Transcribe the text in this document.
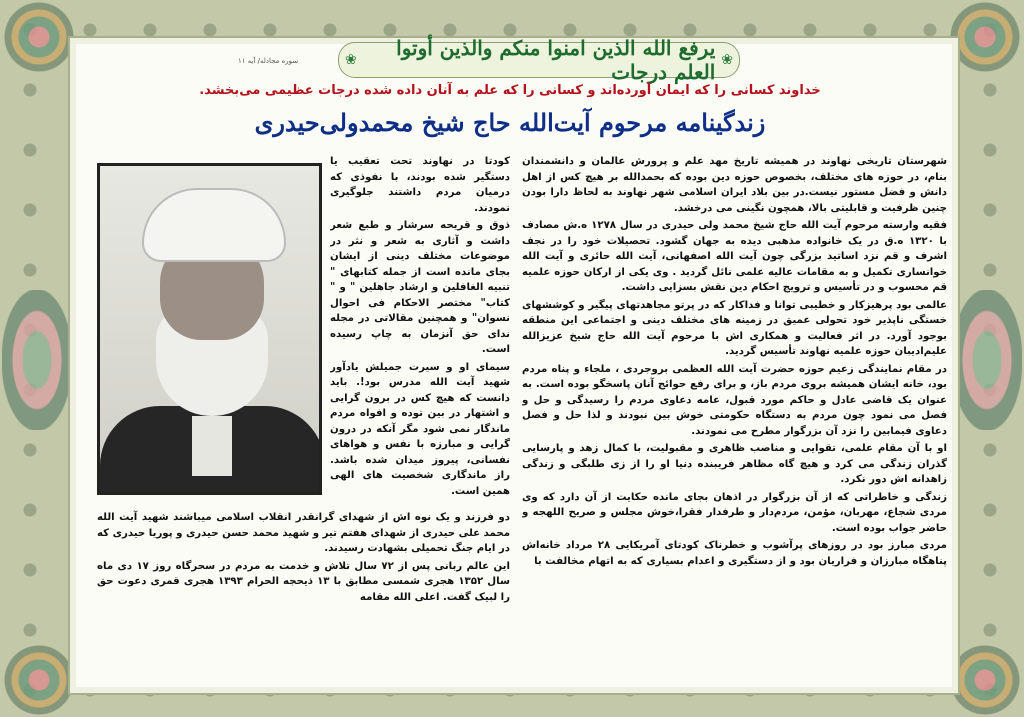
سوره مجادله/ آیه ۱۱	❀	یرفع الله الذین امنوا منکم والذین أوتوا العلم درجات ❀
خداوند کسانی را که ایمان آورده‌اند و کسانی را که علم به آنان داده شده درجات عظیمی می‌بخشد.
زندگینامه مرحوم آیت‌الله حاج شیخ محمدولی‌حیدری

شهرستان تاریخی نهاوند در همیشه تاریخ مهد علم و پرورش عالمان و دانشمندان بنام، در حوزه های مختلف، بخصوص حوزه دین بوده که بحمدالله بر هیچ کس از اهل دانش و فضل مستور نیست.در بین بلاد ایران اسلامی شهر نهاوند به لحاظ دارا بودن چنین ظرفیت و قابلیتی بالا، همچون نگینی می درخشد.

فقیه وارسته مرحوم آیت الله حاج شیخ محمد ولی حیدری در سال ۱۲۷۸ ه.ش مصادف با ۱۳۲۰ ه.ق در یک خانواده مذهبی دیده به جهان گشود. تحصیلات خود را در نجف اشرف و قم نزد اساتید بزرگی چون آیت الله اصفهانی، آیت الله حائری و آیت الله خوانساری تکمیل و به مقامات عالیه علمی نائل گردید . وی یکی از ارکان حوزه علمیه قم محسوب و در تأسیس و ترویج احکام دین نقش بسزایی داشت.

عالمی بود پرهیزکار و خطیبی توانا و فداکار که در پرتو مجاهدتهای پیگیر و کوششهای خستگی ناپذیر خود تحولی عمیق در زمینه های مختلف دینی و اجتماعی این منطقه بوجود آورد. در اثر فعالیت و همکاری اش با مرحوم آیت الله حاج شیخ عزیزالله علیم‌ادیبان حوزه علمیه نهاوند تأسیس گردید.

در مقام نمایندگی زعیم حوزه حضرت آیت الله العظمی بروجردی ، ملجاء و پناه مردم بود، خانه ایشان همیشه بروی مردم باز، و برای رفع حوائج آنان پاسخگو بوده است. به عنوان یک قاضی عادل و حاکم مورد قبول، عامه دعاوی مردم را رسیدگی و حل و فصل می نمود چون مردم به دستگاه حکومتی خوش بین نبودند و لذا حل و فصل دعاوی فیمابین را نزد آن بزرگوار مطرح می نمودند.

او با آن مقام علمی، تقوایی و مناصب ظاهری و مقبولیت، با کمال زهد و پارسایی گذران زندگی می کرد و هیچ گاه مظاهر فریبنده دنیا او را از زی طلبگی و زندگی زاهدانه اش دور نکرد.

زندگی و خاطراتی که از آن بزرگوار در اذهان بجای مانده حکایت از آن دارد که وی مردی شجاع، مهربان، مؤمن، مردم‌دار و طرفدار فقرا،خوش مجلس و صریح اللهجه و حاضر جواب بوده است.

مردی مبارز بود در روزهای پرآشوب و خطرناک کودتای آمریکایی ۲۸ مرداد خانه‌اش پناهگاه مبارزان و فراریان بود و از دستگیری و اعدام بسیاری که به اتهام مخالفت با

کودتا در نهاوند تحت تعقیب یا دستگیر شده بودند، با نفوذی که درمیان مردم داشتند جلوگیری نمودند.

ذوق و قریحه سرشار و طبع شعر داشت و آثاری به شعر و نثر در موضوعات مختلف دینی از ایشان بجای مانده است از جمله کتابهای " تنبیه الغافلین و ارشاد جاهلین " و " کتاب" مختصر الاحکام فی احوال نسوان" و همچنین مقالاتی در مجله ندای حق آنزمان به چاپ رسیده است.

سیمای او و سیرت جمیلش یادآور شهید آیت الله مدرس بود!. باید دانست که هیچ کس در برون گرایی و اشتهار در بین توده و افواه مردم ماندگار نمی شود مگر آنکه در درون گرایی و مبارزه با نفس و هواهای نفسانی، پیروز میدان شده باشد. راز ماندگاری شخصیت های الهی همین است.

دو فرزند و یک نوه اش از شهدای گرانقدر انقلاب اسلامی میباشند شهید آیت الله محمد علی حیدری از شهدای هفتم تیر و شهید محمد حسن حیدری و پوریا حیدری که در ایام جنگ تحمیلی بشهادت رسیدند.

این عالم ربانی پس از ۷۲ سال تلاش و خدمت به مردم در سحرگاه روز ۱۷ دی ماه سال ۱۳۵۲ هجری شمسی مطابق با ۱۳ ذیحجه الحرام ۱۳۹۳ هجری قمری دعوت حق را لبیک گفت. اعلی الله مقامه
